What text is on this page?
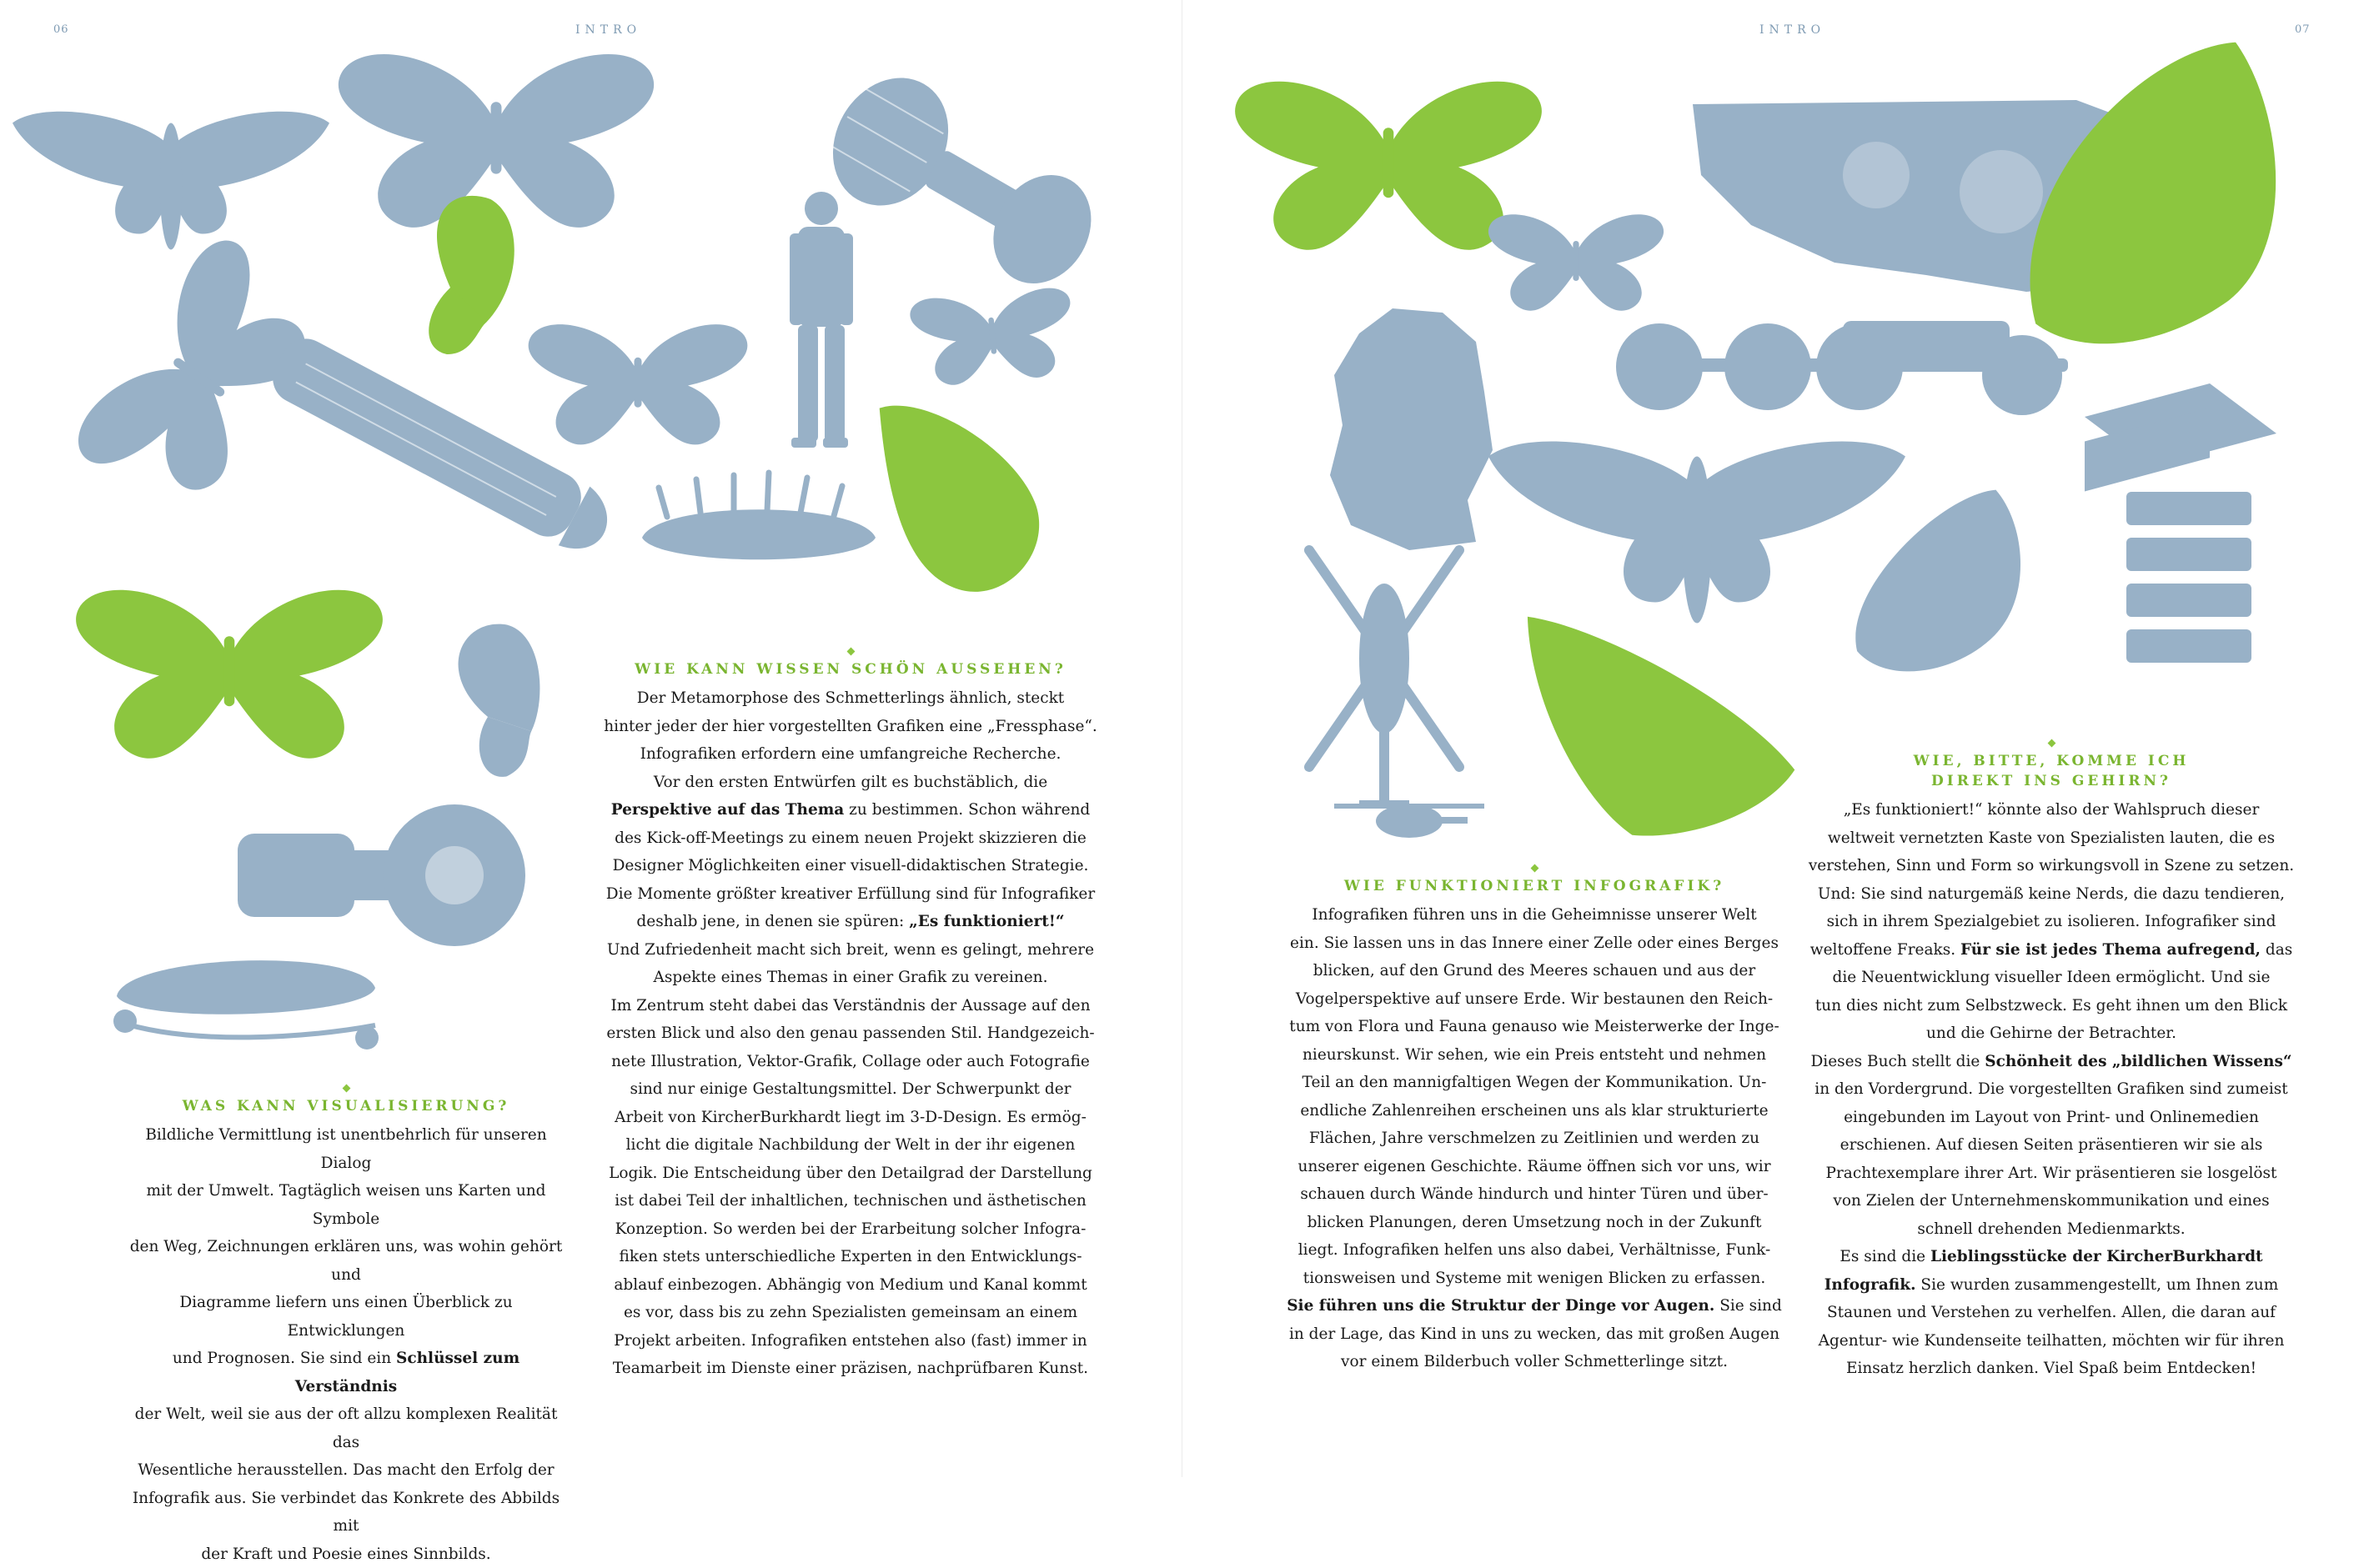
06	INTRO	INTRO	07
WAS KANN VISUALISIERUNG?

Bildliche Vermittlung ist unentbehrlich für unseren Dialog

mit der Umwelt. Tagtäglich weisen uns Karten und Symbole

den Weg, Zeichnungen erklären uns, was wohin gehört und

Diagramme liefern uns einen Überblick zu Entwicklungen

und Prognosen. Sie sind ein Schlüssel zum Verständnis

der Welt, weil sie aus der oft allzu komplexen Realität das

Wesentliche herausstellen. Das macht den Erfolg der

Infografik aus. Sie verbindet das Konkrete des Abbilds mit

der Kraft und Poesie eines Sinnbilds.

WIE KANN WISSEN SCHÖN AUSSEHEN?

Der Metamorphose des Schmetterlings ähnlich, steckt

hinter jeder der hier vorgestellten Grafiken eine „Fressphase“.

Infografiken erfordern eine umfangreiche Recherche.

Vor den ersten Entwürfen gilt es buchstäblich, die

Perspektive auf das Thema zu bestimmen. Schon während

des Kick-off-Meetings zu einem neuen Projekt skizzieren die

Designer Möglichkeiten einer visuell-didaktischen Strategie.

Die Momente größter kreativer Erfüllung sind für Infografiker

deshalb jene, in denen sie spüren: „Es funktioniert!“

Und Zufriedenheit macht sich breit, wenn es gelingt, mehrere

Aspekte eines Themas in einer Grafik zu vereinen.

Im Zentrum steht dabei das Verständnis der Aussage auf den

ersten Blick und also den genau passenden Stil. Handgezeich-

nete Illustration, Vektor-Grafik, Collage oder auch Fotografie

sind nur einige Gestaltungsmittel. Der Schwerpunkt der

Arbeit von KircherBurkhardt liegt im 3-D-Design. Es ermög-

licht die digitale Nachbildung der Welt in der ihr eigenen

Logik. Die Entscheidung über den Detailgrad der Darstellung

ist dabei Teil der inhaltlichen, technischen und ästhetischen

Konzeption. So werden bei der Erarbeitung solcher Infogra-

fiken stets unterschiedliche Experten in den Entwicklungs-

ablauf einbezogen. Abhängig von Medium und Kanal kommt

es vor, dass bis zu zehn Spezialisten gemeinsam an einem

Projekt arbeiten. Infografiken entstehen also (fast) immer in

Teamarbeit im Dienste einer präzisen, nachprüfbaren Kunst.

WIE FUNKTIONIERT INFOGRAFIK?

Infografiken führen uns in die Geheimnisse unserer Welt

ein. Sie lassen uns in das Innere einer Zelle oder eines Berges

blicken, auf den Grund des Meeres schauen und aus der

Vogelperspektive auf unsere Erde. Wir bestaunen den Reich-

tum von Flora und Fauna genauso wie Meisterwerke der Inge-

nieurskunst. Wir sehen, wie ein Preis entsteht und nehmen

Teil an den mannigfaltigen Wegen der Kommunikation. Un-

endliche Zahlenreihen erscheinen uns als klar strukturierte

Flächen, Jahre verschmelzen zu Zeitlinien und werden zu

unserer eigenen Geschichte. Räume öffnen sich vor uns, wir

schauen durch Wände hindurch und hinter Türen und über-

blicken Planungen, deren Umsetzung noch in der Zukunft

liegt. Infografiken helfen uns also dabei, Verhältnisse, Funk-

tionsweisen und Systeme mit wenigen Blicken zu erfassen.

Sie führen uns die Struktur der Dinge vor Augen. Sie sind

in der Lage, das Kind in uns zu wecken, das mit großen Augen

vor einem Bilderbuch voller Schmetterlinge sitzt.

WIE, BITTE, KOMME ICH DIREKT INS GEHIRN?

„Es funktioniert!“ könnte also der Wahlspruch dieser

weltweit vernetzten Kaste von Spezialisten lauten, die es

verstehen, Sinn und Form so wirkungsvoll in Szene zu setzen.

Und: Sie sind naturgemäß keine Nerds, die dazu tendieren,

sich in ihrem Spezialgebiet zu isolieren. Infografiker sind

weltoffene Freaks. Für sie ist jedes Thema aufregend, das

die Neuentwicklung visueller Ideen ermöglicht. Und sie

tun dies nicht zum Selbstzweck. Es geht ihnen um den Blick

und die Gehirne der Betrachter.

Dieses Buch stellt die Schönheit des „bildlichen Wissens“

in den Vordergrund. Die vorgestellten Grafiken sind zumeist

eingebunden im Layout von Print- und Onlinemedien

erschienen. Auf diesen Seiten präsentieren wir sie als

Prachtexemplare ihrer Art. Wir präsentieren sie losgelöst

von Zielen der Unternehmenskommunikation und eines

schnell drehenden Medienmarkts.

Es sind die Lieblingsstücke der KircherBurkhardt

Infografik. Sie wurden zusammengestellt, um Ihnen zum

Staunen und Verstehen zu verhelfen. Allen, die daran auf

Agentur- wie Kundenseite teilhatten, möchten wir für ihren

Einsatz herzlich danken. Viel Spaß beim Entdecken!
